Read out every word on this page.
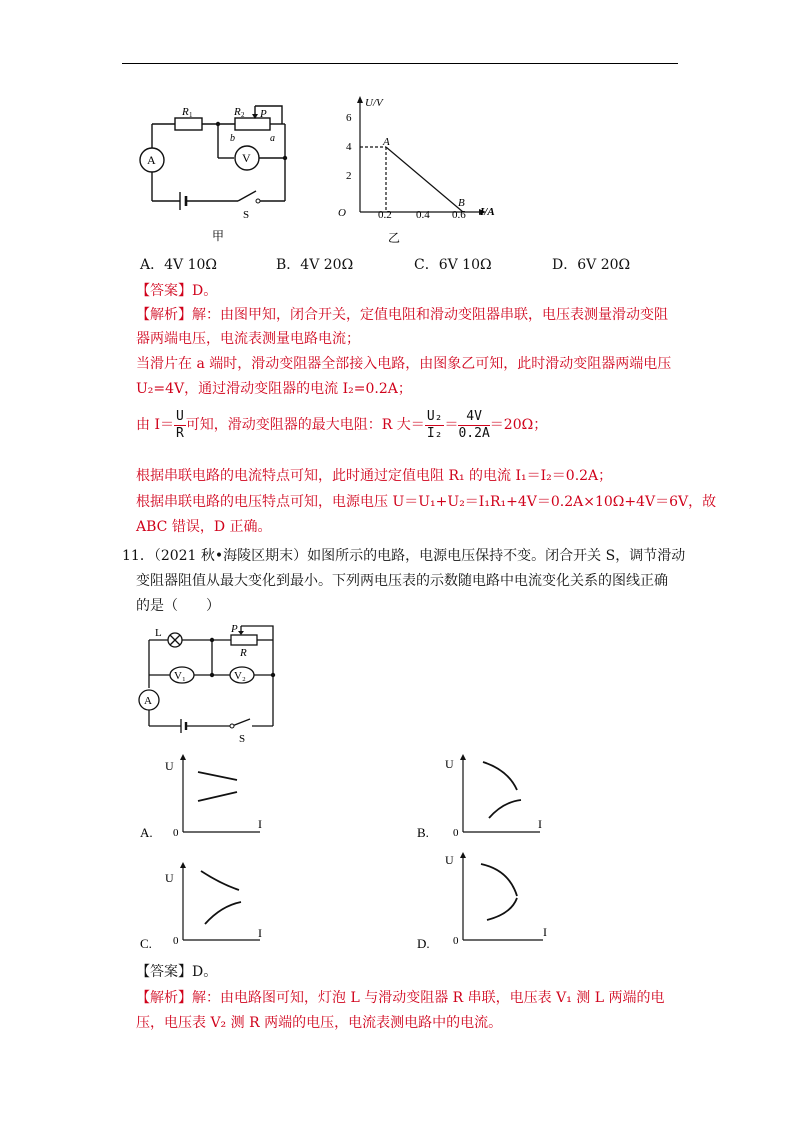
R 1	R 2 P
b	a
A	V
S
甲
U/V
I/A
O
6
4
2
0.2 0.4 0.6
A
B
乙
A．4V 10Ω	B．4V 20Ω	C．6V 10Ω	D．6V 20Ω
【答案】D。
【解析】解：由图甲知，闭合开关，定值电阻和滑动变阻器串联，电压表测量滑动变阻
器两端电压，电流表测量电路电流；
当滑片在 a 端时，滑动变阻器全部接入电路，由图象乙可知，此时滑动变阻器两端电压
U₂=4V，通过滑动变阻器的电流 I₂=0.2A；
由 $I= \frac{U}{R}$ 可知，滑动变阻器的最大电阻：R 大＝ $\frac{\text{U₂}}{\text{I₂}} = \frac{4V}{0.2A} =20\Omega$；
根据串联电路的电流特点可知，此时通过定值电阻 R₁ 的电流 I₁＝I₂＝0.2A；
根据串联电路的电压特点可知，电源电压 U＝U₁+U₂＝I₁R₁+4V＝0.2A×10Ω+4V＝6V，故
ABC 错误，D 正确。
11．（2021 秋•海陵区期末）如图所示的电路，电源电压保持不变。闭合开关 S，调节滑动
变阻器阻值从最大变化到最小。下列两电压表的示数随电路中电流变化关系的图线正确
的是（　　）
L	P
R
V₁	V₂
A
S
U
I
0
A.
U
I
0
B.
U
I
0
C.
U
I
0
D.
【答案】D。
【解析】解：由电路图可知，灯泡 L 与滑动变阻器 R 串联，电压表 V₁ 测 L 两端的电
压，电压表 V₂ 测 R 两端的电压，电流表测电路中的电流。
